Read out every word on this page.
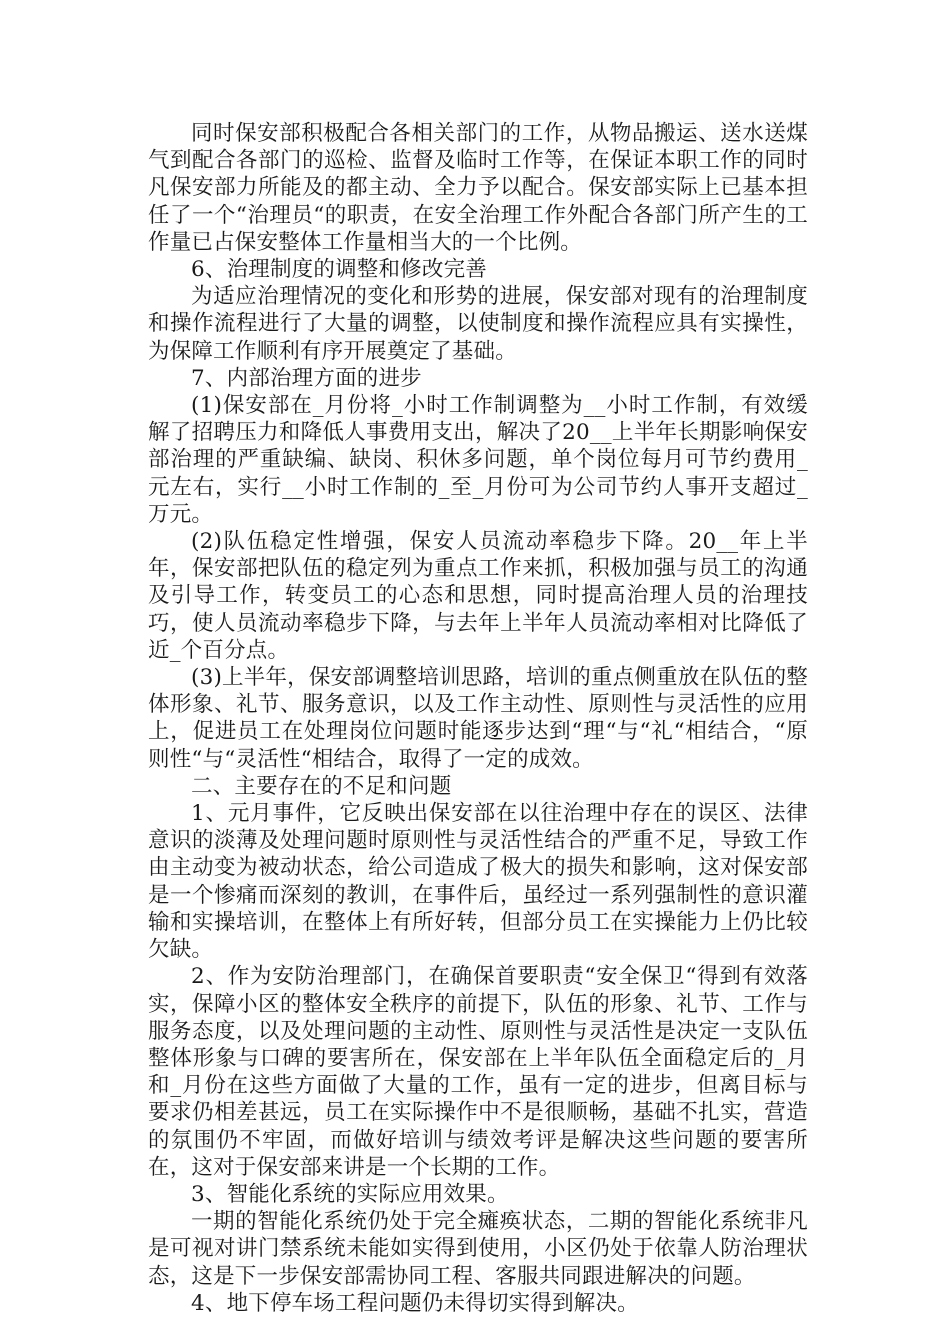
同时保安部积极配合各相关部门的工作，从物品搬运、送水送煤气到配合各部门的巡检、监督及临时工作等，在保证本职工作的同时凡保安部力所能及的都主动、全力予以配合。保安部实际上已基本担任了一个“治理员“的职责，在安全治理工作外配合各部门所产生的工作量已占保安整体工作量相当大的一个比例。

6、治理制度的调整和修改完善

为适应治理情况的变化和形势的进展，保安部对现有的治理制度和操作流程进行了大量的调整，以使制度和操作流程应具有实操性，为保障工作顺利有序开展奠定了基础。

7、内部治理方面的进步

(1)保安部在_月份将_小时工作制调整为__小时工作制，有效缓解了招聘压力和降低人事费用支出，解决了20__上半年长期影响保安部治理的严重缺编、缺岗、积休多问题，单个岗位每月可节约费用_元左右，实行__小时工作制的_至_月份可为公司节约人事开支超过_万元。

(2)队伍稳定性增强，保安人员流动率稳步下降。20__年上半年，保安部把队伍的稳定列为重点工作来抓，积极加强与员工的沟通及引导工作，转变员工的心态和思想，同时提高治理人员的治理技巧，使人员流动率稳步下降，与去年上半年人员流动率相对比降低了近_个百分点。

(3)上半年，保安部调整培训思路，培训的重点侧重放在队伍的整体形象、礼节、服务意识，以及工作主动性、原则性与灵活性的应用上，促进员工在处理岗位问题时能逐步达到“理“与“礼“相结合，“原则性“与“灵活性“相结合，取得了一定的成效。

二、主要存在的不足和问题

1、元月事件，它反映出保安部在以往治理中存在的误区、法律意识的淡薄及处理问题时原则性与灵活性结合的严重不足，导致工作由主动变为被动状态，给公司造成了极大的损失和影响，这对保安部是一个惨痛而深刻的教训，在事件后，虽经过一系列强制性的意识灌输和实操培训，在整体上有所好转，但部分员工在实操能力上仍比较欠缺。

2、作为安防治理部门，在确保首要职责“安全保卫“得到有效落实，保障小区的整体安全秩序的前提下，队伍的形象、礼节、工作与服务态度，以及处理问题的主动性、原则性与灵活性是决定一支队伍整体形象与口碑的要害所在，保安部在上半年队伍全面稳定后的_月和_月份在这些方面做了大量的工作，虽有一定的进步，但离目标与要求仍相差甚远，员工在实际操作中不是很顺畅，基础不扎实，营造的氛围仍不牢固，而做好培训与绩效考评是解决这些问题的要害所在，这对于保安部来讲是一个长期的工作。

3、智能化系统的实际应用效果。

一期的智能化系统仍处于完全瘫痪状态，二期的智能化系统非凡是可视对讲门禁系统未能如实得到使用，小区仍处于依靠人防治理状态，这是下一步保安部需协同工程、客服共同跟进解决的问题。

4、地下停车场工程问题仍未得切实得到解决。
